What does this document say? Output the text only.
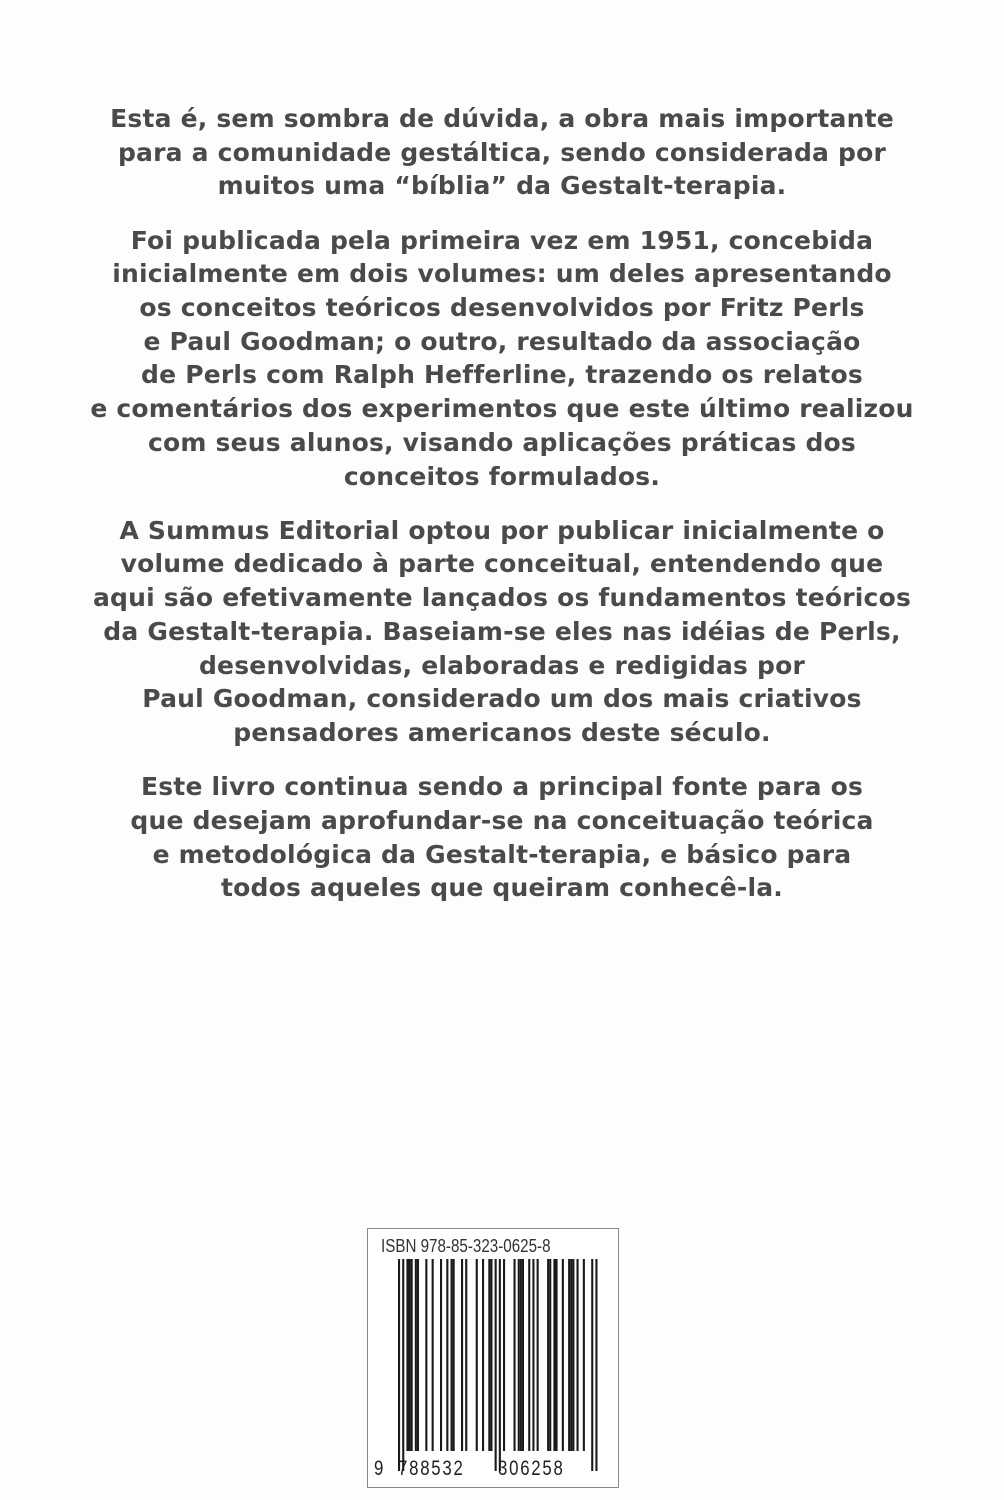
Esta é, sem sombra de dúvida, a obra mais importante
para a comunidade gestáltica, sendo considerada por
muitos uma “bíblia” da Gestalt-terapia.

Foi publicada pela primeira vez em 1951, concebida
inicialmente em dois volumes: um deles apresentando
os conceitos teóricos desenvolvidos por Fritz Perls
e Paul Goodman; o outro, resultado da associação
de Perls com Ralph Hefferline, trazendo os relatos
e comentários dos experimentos que este último realizou
com seus alunos, visando aplicações práticas dos
conceitos formulados.

A Summus Editorial optou por publicar inicialmente o
volume dedicado à parte conceitual, entendendo que
aqui são efetivamente lançados os fundamentos teóricos
da Gestalt-terapia. Baseiam-se eles nas idéias de Perls,
desenvolvidas, elaboradas e redigidas por
Paul Goodman, considerado um dos mais criativos
pensadores americanos deste século.

Este livro continua sendo a principal fonte para os
que desejam aprofundar-se na conceituação teórica
e metodológica da Gestalt-terapia, e básico para
todos aqueles que queiram conhecê-la.

ISBN 978-85-323-0625-8
9 788532 306258
